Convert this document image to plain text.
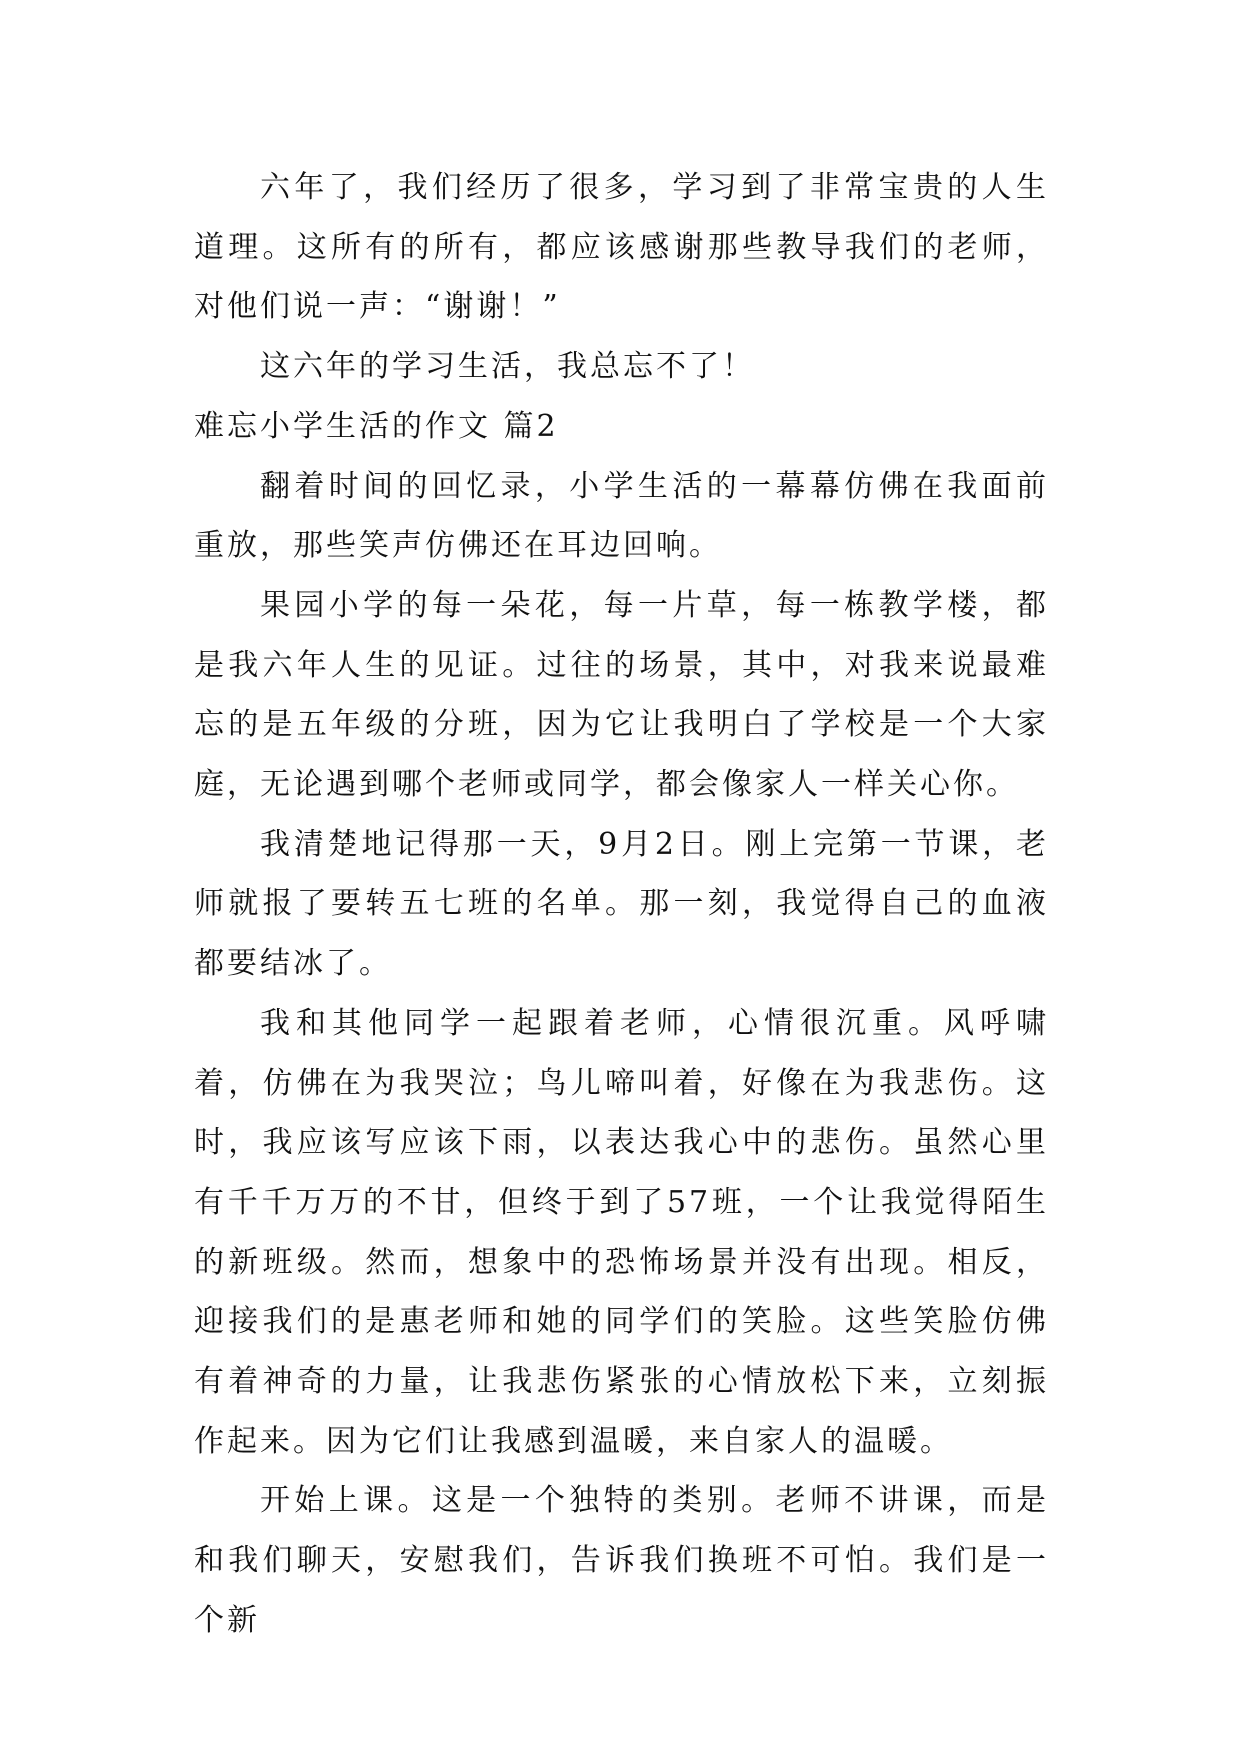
六年了，我们经历了很多，学习到了非常宝贵的人生道理。这所有的所有，都应该感谢那些教导我们的老师，对他们说一声：“谢谢！”

这六年的学习生活，我总忘不了！

难忘小学生活的作文 篇2

翻着时间的回忆录，小学生活的一幕幕仿佛在我面前重放，那些笑声仿佛还在耳边回响。

果园小学的每一朵花，每一片草，每一栋教学楼，都是我六年人生的见证。过往的场景，其中，对我来说最难忘的是五年级的分班，因为它让我明白了学校是一个大家庭，无论遇到哪个老师或同学，都会像家人一样关心你。

我清楚地记得那一天，9月2日。刚上完第一节课，老师就报了要转五七班的名单。那一刻，我觉得自己的血液都要结冰了。

我和其他同学一起跟着老师，心情很沉重。风呼啸着，仿佛在为我哭泣；鸟儿啼叫着，好像在为我悲伤。这时，我应该写应该下雨，以表达我心中的悲伤。虽然心里有千千万万的不甘，但终于到了57班，一个让我觉得陌生的新班级。然而，想象中的恐怖场景并没有出现。相反，迎接我们的是惠老师和她的同学们的笑脸。这些笑脸仿佛有着神奇的力量，让我悲伤紧张的心情放松下来，立刻振作起来。因为它们让我感到温暖，来自家人的温暖。

开始上课。这是一个独特的类别。老师不讲课，而是和我们聊天，安慰我们，告诉我们换班不可怕。我们是一个新
